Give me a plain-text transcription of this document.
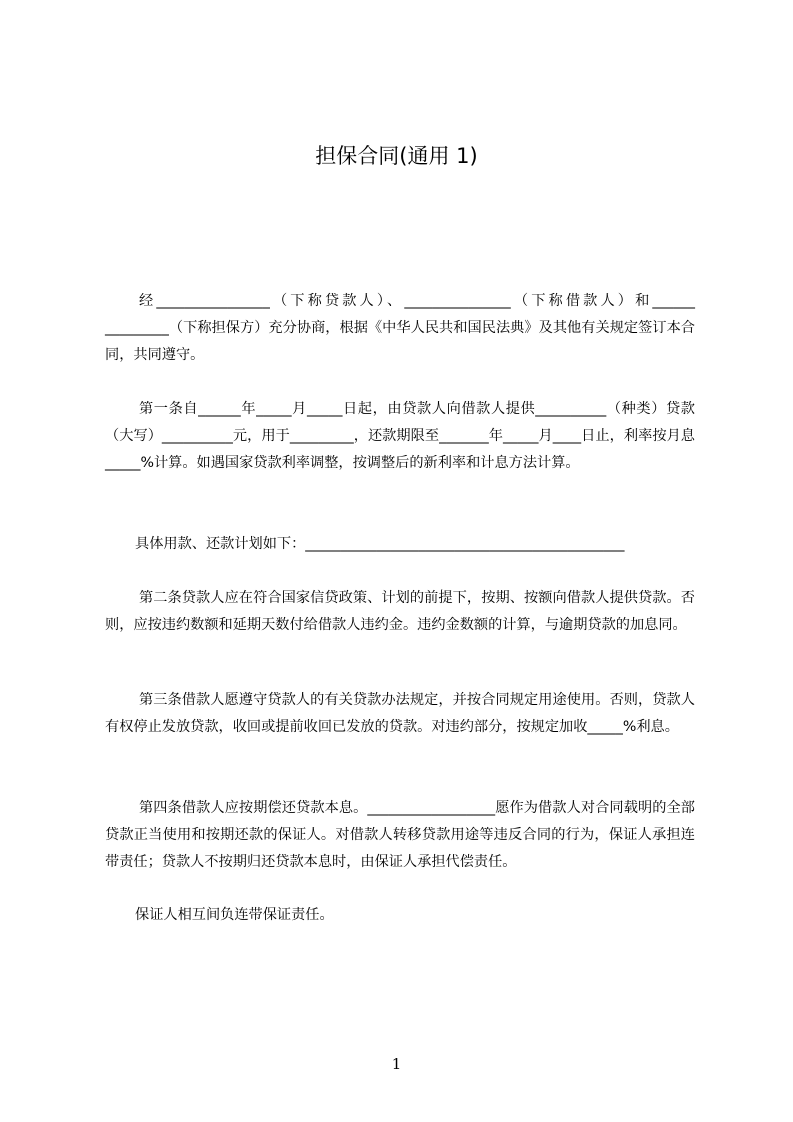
担保合同(通用 1)

经________________（下称贷款人）、_______________（下称借款人）和______ _________（下称担保方）充分协商，根据《中华人民共和国民法典》及其他有关规定签订本合同，共同遵守。

第一条自______年_____月_____日起，由贷款人向借款人提供__________（种类）贷款（大写）__________元，用于_________，还款期限至_______年_____月____日止，利率按月息_____%计算。如遇国家贷款利率调整，按调整后的新利率和计息方法计算。

具体用款、还款计划如下：_____________________________________________

第二条贷款人应在符合国家信贷政策、计划的前提下，按期、按额向借款人提供贷款。否则，应按违约数额和延期天数付给借款人违约金。违约金数额的计算，与逾期贷款的加息同。

第三条借款人愿遵守贷款人的有关贷款办法规定，并按合同规定用途使用。否则，贷款人有权停止发放贷款，收回或提前收回已发放的贷款。对违约部分，按规定加收_____%利息。

第四条借款人应按期偿还贷款本息。__________________愿作为借款人对合同载明的全部贷款正当使用和按期还款的保证人。对借款人转移贷款用途等违反合同的行为，保证人承担连带责任；贷款人不按期归还贷款本息时，由保证人承担代偿责任。

保证人相互间负连带保证责任。

1
